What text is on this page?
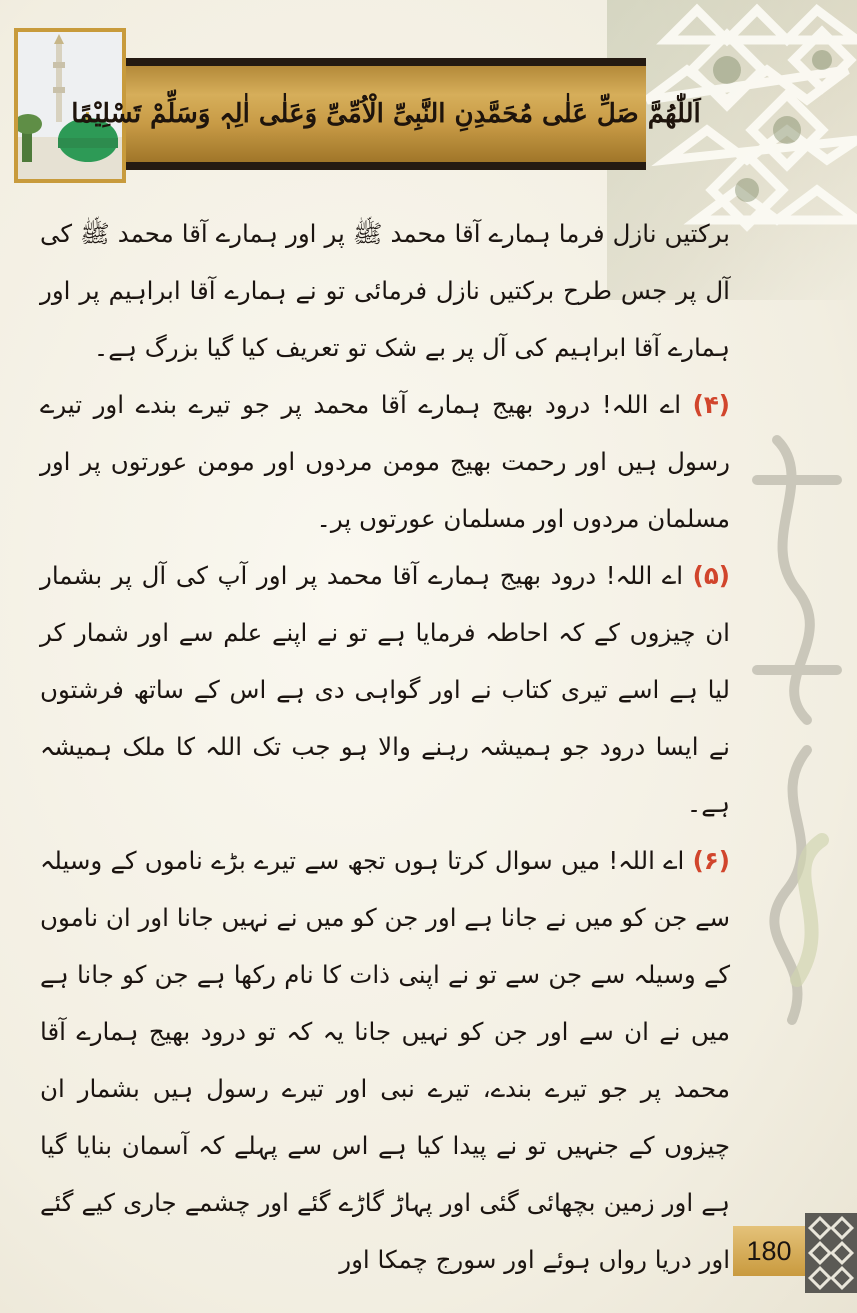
اَللّٰھُمَّ صَلِّ عَلٰی مُحَمَّدِنِ النَّبِیِّ الْاُمِّیِّ وَعَلٰی اٰلِہٖ وَسَلِّمْ تَسْلِیْمًا

برکتیں نازل فرما ہمارے آقا محمد ﷺ پر اور ہمارے آقا محمد ﷺ کی آل پر جس طرح برکتیں نازل فرمائی تو نے ہمارے آقا ابراہیم پر اور ہمارے آقا ابراہیم کی آل پر بے شک تو تعریف کیا گیا بزرگ ہے۔

(۴) اے اللہ! درود بھیج ہمارے آقا محمد پر جو تیرے بندے اور تیرے رسول ہیں اور رحمت بھیج مومن مردوں اور مومن عورتوں پر اور مسلمان مردوں اور مسلمان عورتوں پر۔

(۵) اے اللہ! درود بھیج ہمارے آقا محمد پر اور آپ کی آل پر بشمار ان چیزوں کے کہ احاطہ فرمایا ہے تو نے اپنے علم سے اور شمار کر لیا ہے اسے تیری کتاب نے اور گواہی دی ہے اس کے ساتھ فرشتوں نے ایسا درود جو ہمیشہ رہنے والا ہو جب تک اللہ کا ملک ہمیشہ ہے۔

(۶) اے اللہ! میں سوال کرتا ہوں تجھ سے تیرے بڑے ناموں کے وسیلہ سے جن کو میں نے جانا ہے اور جن کو میں نے نہیں جانا اور ان ناموں کے وسیلہ سے جن سے تو نے اپنی ذات کا نام رکھا ہے جن کو جانا ہے میں نے ان سے اور جن کو نہیں جانا یہ کہ تو درود بھیج ہمارے آقا محمد پر جو تیرے بندے، تیرے نبی اور تیرے رسول ہیں بشمار ان چیزوں کے جنہیں تو نے پیدا کیا ہے اس سے پہلے کہ آسمان بنایا گیا ہے اور زمین بچھائی گئی اور پہاڑ گاڑے گئے اور چشمے جاری کیے گئے اور دریا رواں ہوئے اور سورج چمکا اور 180
